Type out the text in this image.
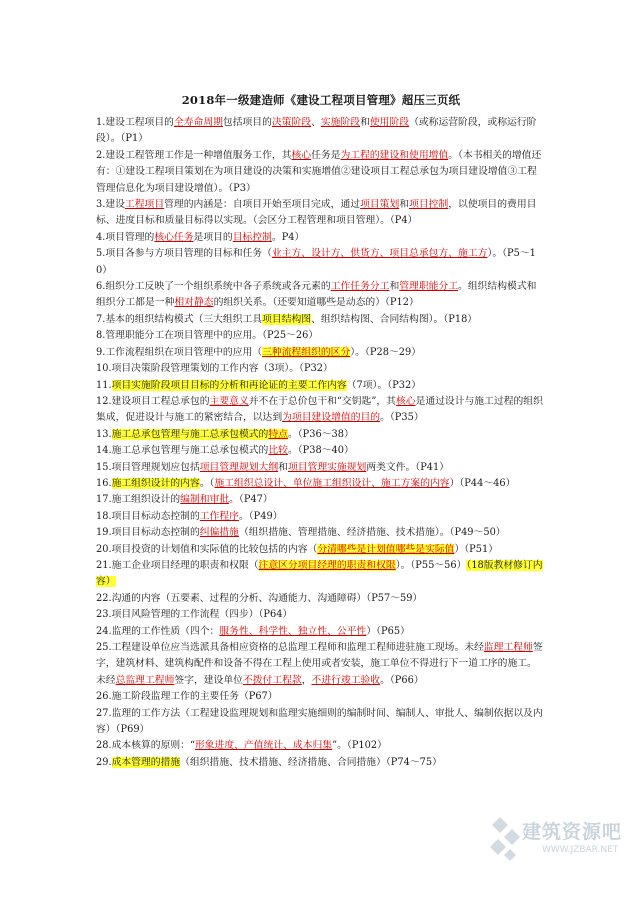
2018年一级建造师《建设工程项目管理》超压三页纸

1.建设工程项目的全寿命周期包括项目的决策阶段、实施阶段和使用阶段（或称运营阶段，或称运行阶段）。（P1）

2.建设工程管理工作是一种增值服务工作，其核心任务是为工程的建设和使用增值。（本书相关的增值还有：①建设工程项目策划在为项目建设的决策和实施增值②建设项目工程总承包为项目建设增值③工程管理信息化为项目建设增值）。（P3）

3.建设工程项目管理的内涵是：自项目开始至项目完成，通过项目策划和项目控制，以使项目的费用目标、进度目标和质量目标得以实现。（会区分工程管理和项目管理）。（P4）

4.项目管理的核心任务是项目的目标控制。P4）

5.项目各参与方项目管理的目标和任务（业主方、设计方、供货方、项目总承包方、施工方）。（P5～10）

6.组织分工反映了一个组织系统中各子系统或各元素的工作任务分工和管理职能分工。组织结构模式和组织分工都是一种相对静态的组织关系。（还要知道哪些是动态的）（P12）

7.基本的组织结构模式（三大组织工具项目结构图、组织结构图、合同结构图）。（P18）

8.管理职能分工在项目管理中的应用。（P25～26）

9.工作流程组织在项目管理中的应用（三种流程组织的区分）。（P28～29）

10.项目决策阶段管理策划的工作内容（3项）。（P32）

11.项目实施阶段项目目标的分析和再论证的主要工作内容（7项）。（P32）

12.建设项目工程总承包的主要意义并不在于总价包干和“交钥匙”，其核心是通过设计与施工过程的组织集成，促进设计与施工的紧密结合，以达到为项目建设增值的目的。（P35）

13.施工总承包管理与施工总承包模式的特点。（P36～38）

14.施工总承包管理与施工总承包模式的比较。（P38～40）

15.项目管理规划应包括项目管理规划大纲和项目管理实施规划两类文件。（P41）

16.施工组织设计的内容。（施工组织总设计、单位施工组织设计、施工方案的内容）（P44～46）

17.施工组织设计的编制和审批。（P47）

18.项目目标动态控制的工作程序。（P49）

19.项目目标动态控制的纠偏措施（组织措施、管理措施、经济措施、技术措施）。（P49～50）

20.项目投资的计划值和实际值的比较包括的内容（分清哪些是计划值哪些是实际值）（P51）

21.施工企业项目经理的职责和权限（注意区分项目经理的职责和权限）。（P55～56）（18版教材修订内容）

22.沟通的内容（五要素、过程的分析、沟通能力、沟通障碍）（P57～59）

23.项目风险管理的工作流程（四步）（P64）

24.监理的工作性质（四个：服务性、科学性、独立性、公平性）（P65）

25.工程建设单位应当选派具备相应资格的总监理工程师和监理工程师进驻施工现场。未经监理工程师签字，建筑材料、建筑构配件和设备不得在工程上使用或者安装，施工单位不得进行下一道工序的施工。未经总监理工程师签字，建设单位不拨付工程款，不进行竣工验收。（P66）

26.施工阶段监理工作的主要任务（P67）

27.监理的工作方法（工程建设监理规划和监理实施细则的编制时间、编制人、审批人、编制依据以及内容）（P69）

28.成本核算的原则：“形象进度、产值统计、成本归集”。（P102）

29.成本管理的措施（组织措施、技术措施、经济措施、合同措施）（P74～75）

建筑资源吧
WWW.JZBAR.NET
